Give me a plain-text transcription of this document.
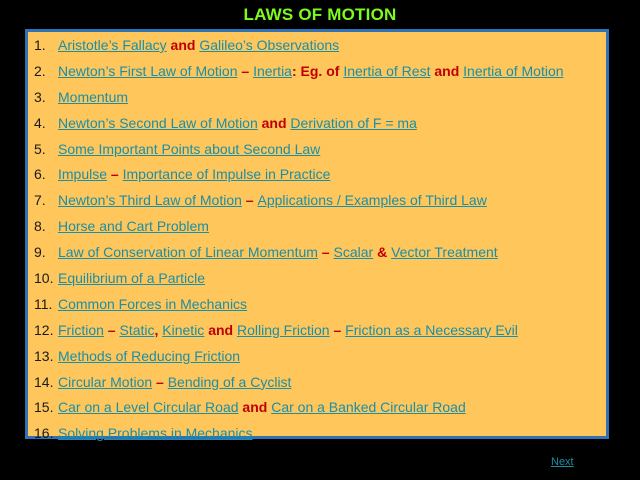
LAWS OF MOTION
1. Aristotle’s Fallacy and Galileo’s Observations
2. Newton’s First Law of Motion – Inertia: Eg. of Inertia of Rest and Inertia of Motion
3. Momentum
4. Newton’s Second Law of Motion and Derivation of F = ma
5. Some Important Points about Second Law
6. Impulse – Importance of Impulse in Practice
7. Newton’s Third Law of Motion – Applications / Examples of Third Law
8. Horse and Cart Problem
9. Law of Conservation of Linear Momentum – Scalar & Vector Treatment
10. Equilibrium of a Particle
11. Common Forces in Mechanics
12. Friction – Static, Kinetic and Rolling Friction – Friction as a Necessary Evil
13. Methods of Reducing Friction
14. Circular Motion – Bending of a Cyclist
15. Car on a Level Circular Road and Car on a Banked Circular Road
16. Solving Problems in Mechanics
Next
